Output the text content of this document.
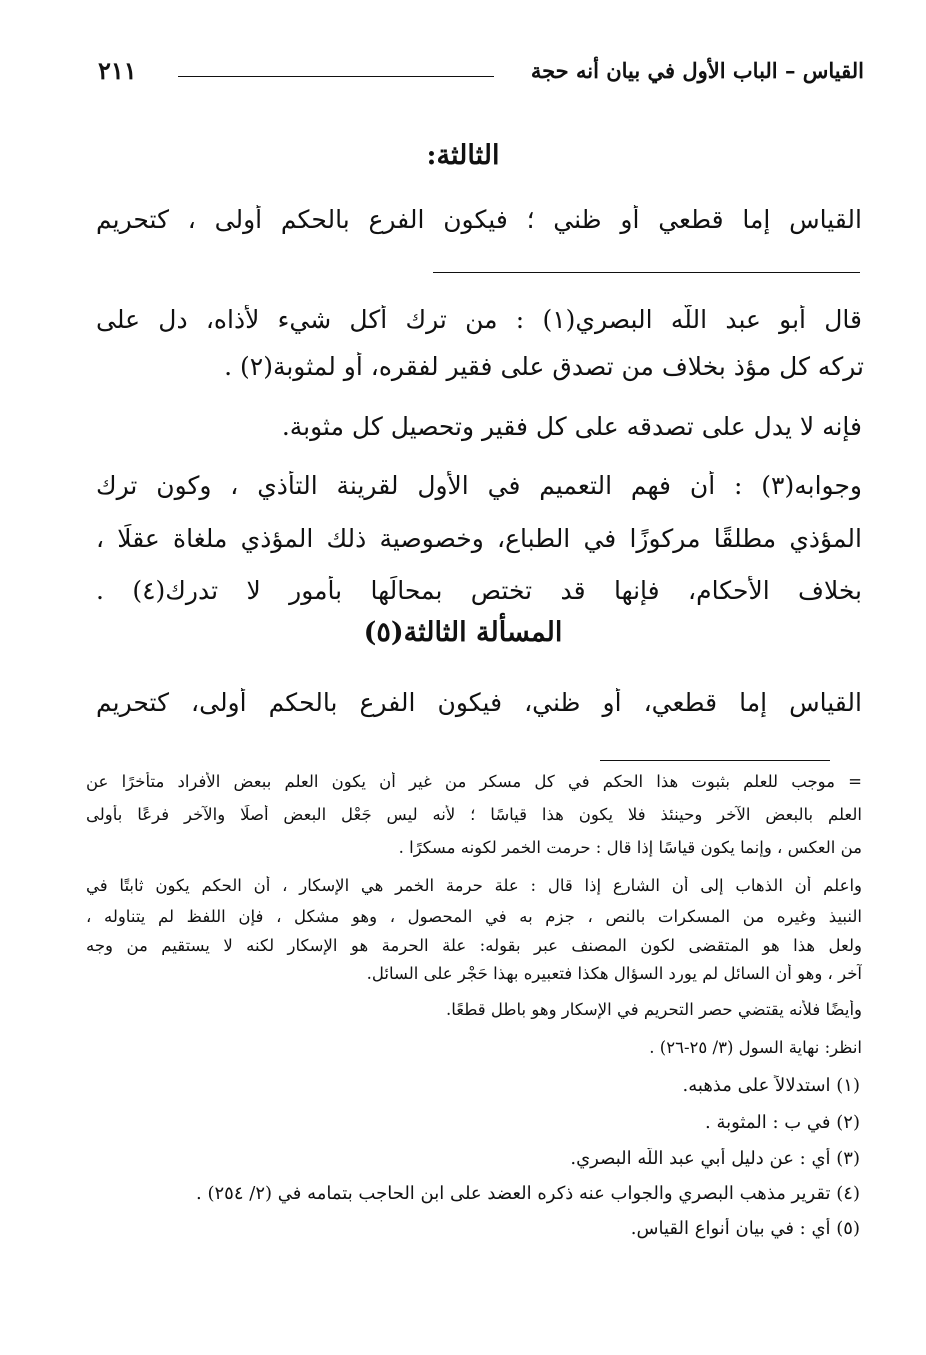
القياس – الباب الأول في بيان أنه حجة
٢١١
الثالثة:
القياس إما قطعي أو ظني ؛ فيكون الفرع بالحكم أولى ، كتحريم
قال أبو عبد اللَّه البصري(١) : من ترك أكل شيء لأذاه، دل على
تركه كل مؤذ بخلاف من تصدق على فقير لفقره، أو لمثوبة(٢) .
فإنه لا يدل على تصدقه على كل فقير وتحصيل كل مثوبة.
وجوابه(٣) : أن فهم التعميم في الأول لقرينة التأذي ، وكون ترك
المؤذي مطلقًا مركوزًا في الطباع، وخصوصية ذلك المؤذي ملغاة عقلًا ،
بخلاف الأحكام، فإنها قد تختص بمحالِّها بأمور لا تدرك(٤) .
المسألة الثالثة(٥)
القياس إما قطعي، أو ظني، فيكون الفرع بالحكم أولى، كتحريم
= موجب للعلم بثبوت هذا الحكم في كل مسكر من غير أن يكون العلم ببعض الأفراد متأخرًا عن
العلم بالبعض الآخر وحينئذ فلا يكون هذا قياسًا ؛ لأنه ليس جَعْل البعض أصلًا والآخر فرعًا بأولى
من العكس ، وإنما يكون قياسًا إذا قال : حرمت الخمر لكونه مسكرًا .
واعلم أن الذهاب إلى أن الشارع إذا قال : علة حرمة الخمر هي الإسكار ، أن الحكم يكون ثابتًا في
النبيذ وغيره من المسكرات بالنص ، جزم به في المحصول ، وهو مشكل ، فإن اللفظ لم يتناوله ،
ولعل هذا هو المتقضى لكون المصنف عبر بقوله: علة الحرمة هو الإسكار لكنه لا يستقيم من وجه
آخر ، وهو أن السائل لم يورد السؤال هكذا فتعبيره بهذا حَجْر على السائل.
وأيضًا فلأنه يقتضي حصر التحريم في الإسكار وهو باطل قطعًا.
انظر: نهاية السول (٣/ ٢٥-٢٦) .
(١) استدلالاً على مذهبه.
(٢) في ب : المثوبة .
(٣) أي : عن دليل أبي عبد اللَّه البصري.
(٤) تقرير مذهب البصري والجواب عنه ذكره العضد على ابن الحاجب بتمامه في (٢/ ٢٥٤) .
(٥) أي : في بيان أنواع القياس.
